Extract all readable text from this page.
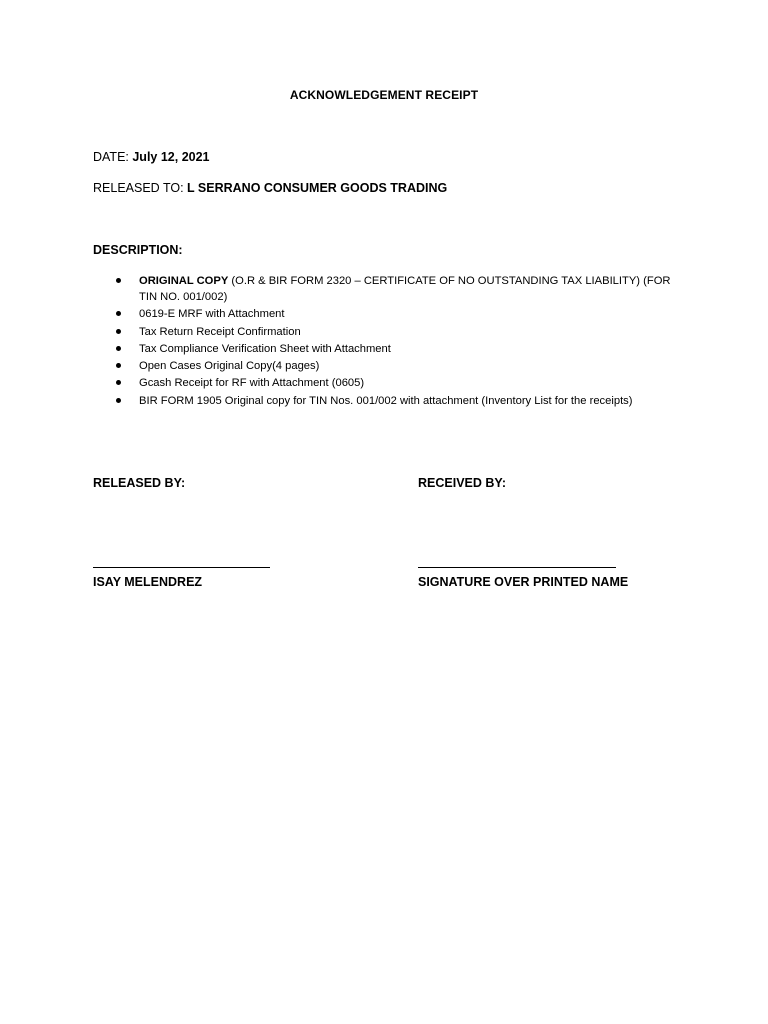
ACKNOWLEDGEMENT RECEIPT
DATE: July 12, 2021
RELEASED TO: L SERRANO CONSUMER GOODS TRADING
DESCRIPTION:
ORIGINAL COPY (O.R & BIR FORM 2320 – CERTIFICATE OF NO OUTSTANDING TAX LIABILITY) (FOR TIN NO. 001/002)
0619-E MRF with Attachment
Tax Return Receipt Confirmation
Tax Compliance Verification Sheet with Attachment
Open Cases Original Copy(4 pages)
Gcash Receipt for RF with Attachment (0605)
BIR FORM 1905 Original copy for TIN Nos. 001/002 with attachment (Inventory List for the receipts)
RELEASED BY:	RECEIVED BY:
ISAY MELENDREZ	SIGNATURE OVER PRINTED NAME
